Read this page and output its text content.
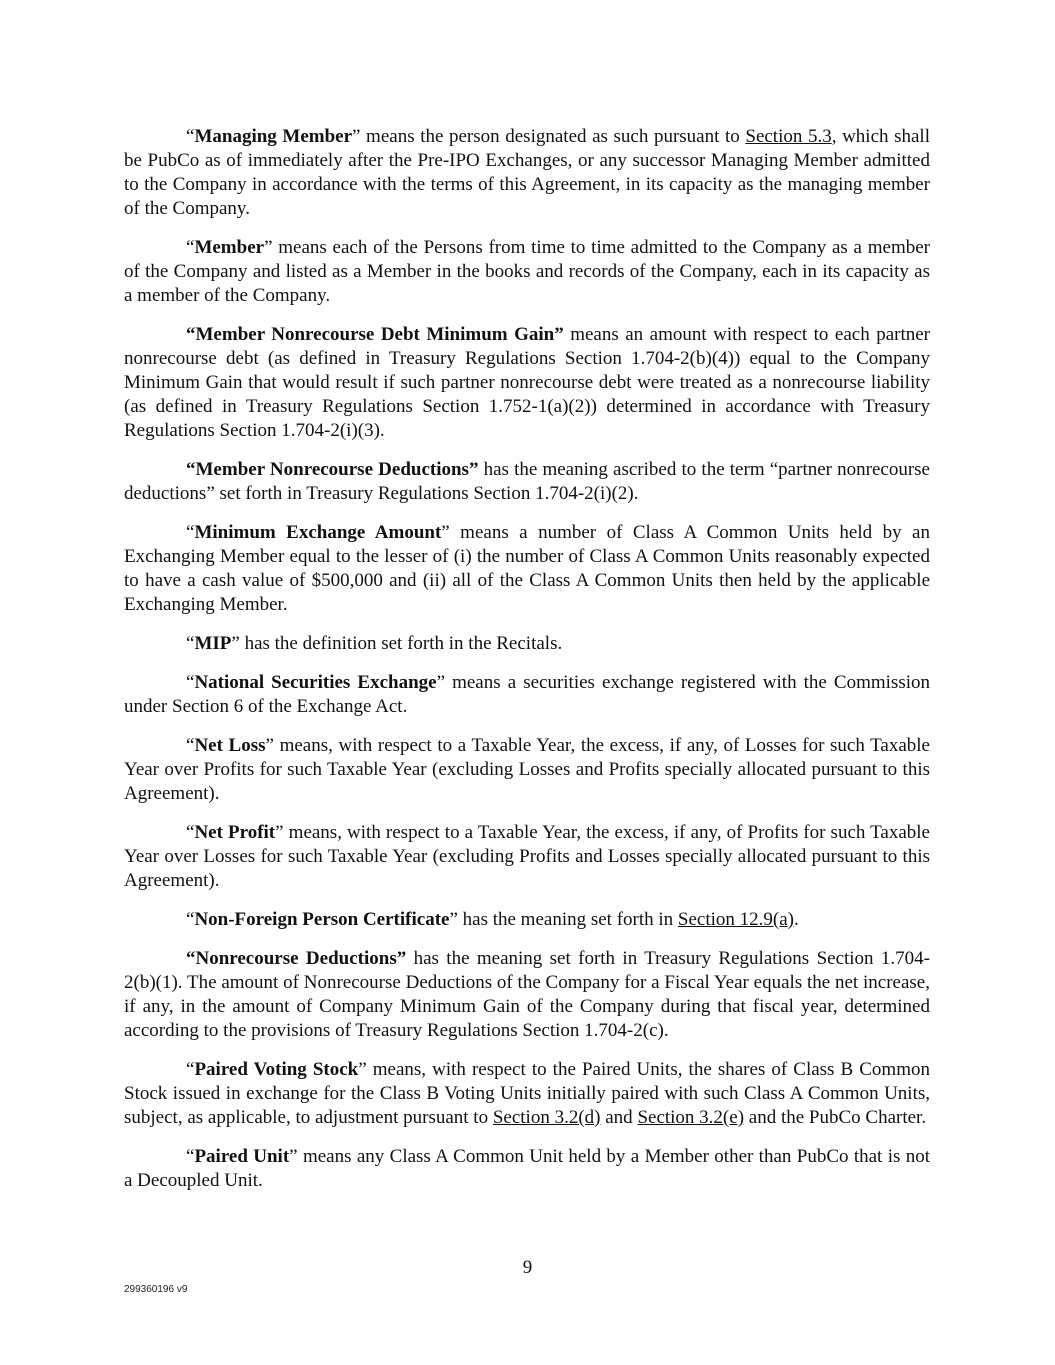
“Managing Member” means the person designated as such pursuant to Section 5.3, which shall be PubCo as of immediately after the Pre-IPO Exchanges, or any successor Managing Member admitted to the Company in accordance with the terms of this Agreement, in its capacity as the managing member of the Company.

“Member” means each of the Persons from time to time admitted to the Company as a member of the Company and listed as a Member in the books and records of the Company, each in its capacity as a member of the Company.

“Member Nonrecourse Debt Minimum Gain” means an amount with respect to each partner nonrecourse debt (as defined in Treasury Regulations Section 1.704-2(b)(4)) equal to the Company Minimum Gain that would result if such partner nonrecourse debt were treated as a nonrecourse liability (as defined in Treasury Regulations Section 1.752-1(a)(2)) determined in accordance with Treasury Regulations Section 1.704-2(i)(3).

“Member Nonrecourse Deductions” has the meaning ascribed to the term “partner nonrecourse deductions” set forth in Treasury Regulations Section 1.704-2(i)(2).

“Minimum Exchange Amount” means a number of Class A Common Units held by an Exchanging Member equal to the lesser of (i) the number of Class A Common Units reasonably expected to have a cash value of $500,000 and (ii) all of the Class A Common Units then held by the applicable Exchanging Member.

“MIP” has the definition set forth in the Recitals.

“National Securities Exchange” means a securities exchange registered with the Commission under Section 6 of the Exchange Act.

“Net Loss” means, with respect to a Taxable Year, the excess, if any, of Losses for such Taxable Year over Profits for such Taxable Year (excluding Losses and Profits specially allocated pursuant to this Agreement).

“Net Profit” means, with respect to a Taxable Year, the excess, if any, of Profits for such Taxable Year over Losses for such Taxable Year (excluding Profits and Losses specially allocated pursuant to this Agreement).

“Non-Foreign Person Certificate” has the meaning set forth in Section 12.9(a).

“Nonrecourse Deductions” has the meaning set forth in Treasury Regulations Section 1.704-2(b)(1). The amount of Nonrecourse Deductions of the Company for a Fiscal Year equals the net increase, if any, in the amount of Company Minimum Gain of the Company during that fiscal year, determined according to the provisions of Treasury Regulations Section 1.704-2(c).

“Paired Voting Stock” means, with respect to the Paired Units, the shares of Class B Common Stock issued in exchange for the Class B Voting Units initially paired with such Class A Common Units, subject, as applicable, to adjustment pursuant to Section 3.2(d) and Section 3.2(e) and the PubCo Charter.

“Paired Unit” means any Class A Common Unit held by a Member other than PubCo that is not a Decoupled Unit.

9
299360196 v9
